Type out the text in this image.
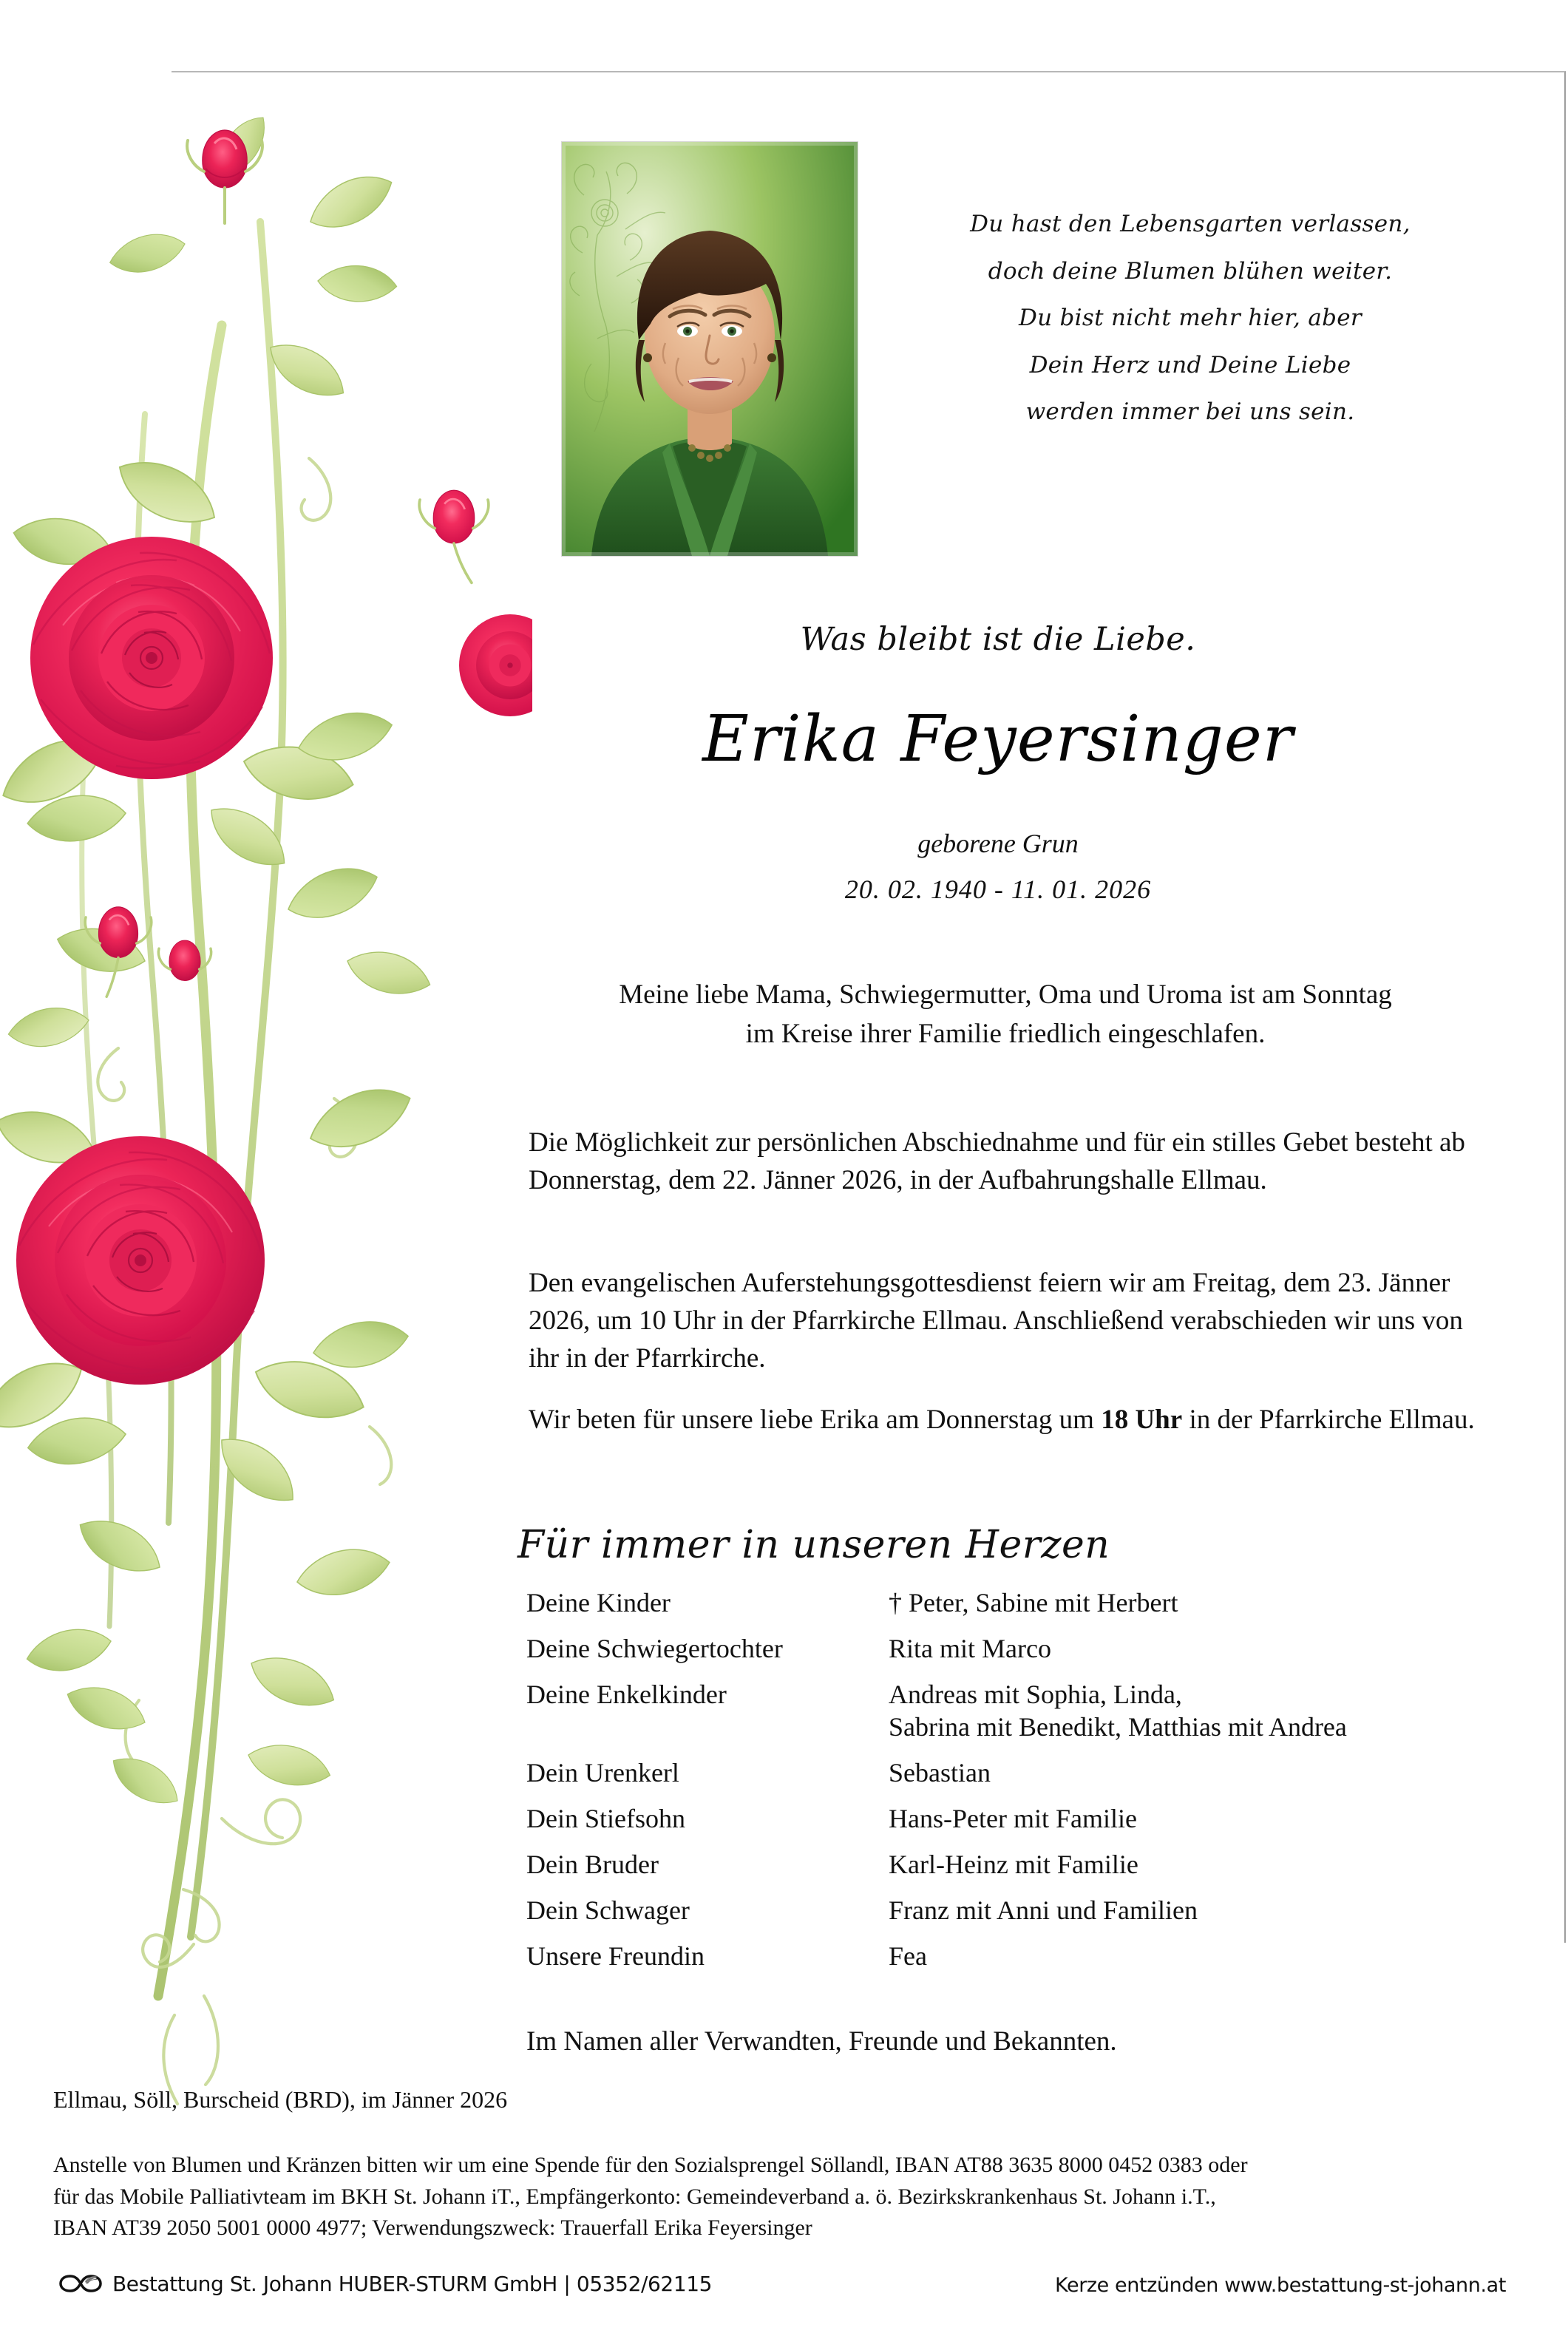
Du hast den Lebensgarten verlassen,
doch deine Blumen blühen weiter.
Du bist nicht mehr hier, aber
Dein Herz und Deine Liebe
werden immer bei uns sein.
Was bleibt ist die Liebe.
Erika Feyersinger
geborene Grun
20. 02. 1940 - 11. 01. 2026
Meine liebe Mama, Schwiegermutter, Oma und Uroma ist am Sonntag
im Kreise ihrer Familie friedlich eingeschlafen.
Die Möglichkeit zur persönlichen Abschiednahme und für ein stilles Gebet besteht ab Donnerstag, dem 22. Jänner 2026, in der Aufbahrungshalle Ellmau.
Den evangelischen Auferstehungsgottesdienst feiern wir am Freitag, dem 23. Jänner 2026, um 10 Uhr in der Pfarrkirche Ellmau. Anschließend verabschieden wir uns von ihr in der Pfarrkirche.
Wir beten für unsere liebe Erika am Donnerstag um 18 Uhr in der Pfarrkirche Ellmau.
Für immer in unseren Herzen
Deine Kinder	† Peter, Sabine mit Herbert
Deine Schwiegertochter	Rita mit Marco
Deine Enkelkinder	Andreas mit Sophia, Linda,
Sabrina mit Benedikt, Matthias mit Andrea
Dein Urenkerl	Sebastian
Dein Stiefsohn	Hans-Peter mit Familie
Dein Bruder	Karl-Heinz mit Familie
Dein Schwager	Franz mit Anni und Familien
Unsere Freundin	Fea
Im Namen aller Verwandten, Freunde und Bekannten.
Ellmau, Söll, Burscheid (BRD), im Jänner 2026
Anstelle von Blumen und Kränzen bitten wir um eine Spende für den Sozialsprengel Söllandl, IBAN AT88 3635 8000 0452 0383 oder
für das Mobile Palliativteam im BKH St. Johann iT., Empfängerkonto: Gemeindeverband a. ö. Bezirkskrankenhaus St. Johann i.T.,
IBAN AT39 2050 5001 0000 4977; Verwendungszweck: Trauerfall Erika Feyersinger
Bestattung St. Johann HUBER-STURM GmbH | 05352/62115	Kerze entzünden www.bestattung-st-johann.at
